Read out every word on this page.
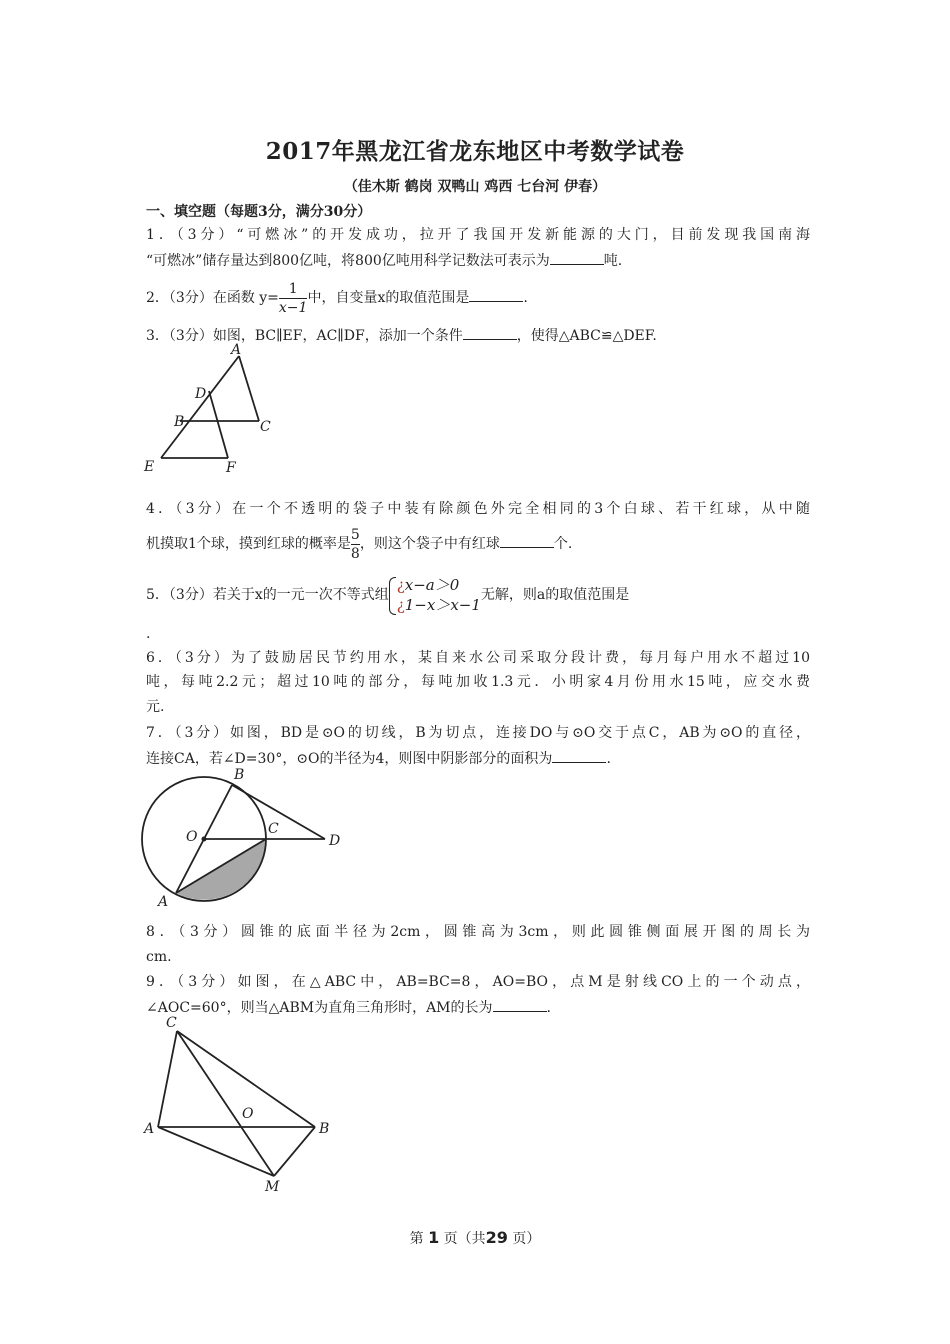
2017年黑龙江省龙东地区中考数学试卷
（佳木斯 鹤岗 双鸭山 鸡西 七台河 伊春）
一、填空题（每题3分，满分30分）
1．（3分）“可燃冰”的开发成功，拉开了我国开发新能源的大门，目前发现我国南海
“可燃冰”储存量达到800亿吨，将800亿吨用科学记数法可表示为	吨.
2．（3分）在函数 $y= \frac{1}{x-1}$ 中，自变量x的取值范围是	.
3．（3分）如图，BC∥EF，AC∥DF，添加一个条件	，使得△ABC≌△DEF.
A
D
B	C
E	F
4．（3分）在一个不透明的袋子中装有除颜色外完全相同的3个白球、若干红球，从中随
机摸取1个球，摸到红球的概率是 $\frac{5}{8}$ ，则这个袋子中有红球	个.
5．（3分）若关于x的一元一次不等式组
¿x−a＞0
¿1−x＞x−1
无解，则a的取值范围是
.
6．（3分）为了鼓励居民节约用水，某自来水公司采取分段计费，每月每户用水不超过10
吨，每吨2.2元；超过10吨的部分，每吨加收1.3元．小明家4月份用水15吨，应交水费
元.
7．（3分）如图，BD是⊙O的切线，B为切点，连接DO与⊙O交于点C，AB为⊙O的直径，
连接CA，若∠D=30°，⊙O的半径为4，则图中阴影部分的面积为	.
B
O	C
D
A
8．（3分）圆锥的底面半径为2cm，圆锥高为3cm，则此圆锥侧面展开图的周长为
cm.
9．（3分）如图，在△ABC中，AB=BC=8，AO=BO，点M是射线CO上的一个动点，
∠AOC=60°，则当△ABM为直角三角形时，AM的长为	.
C
A
O
B
M
第 1 页（共29 页）
